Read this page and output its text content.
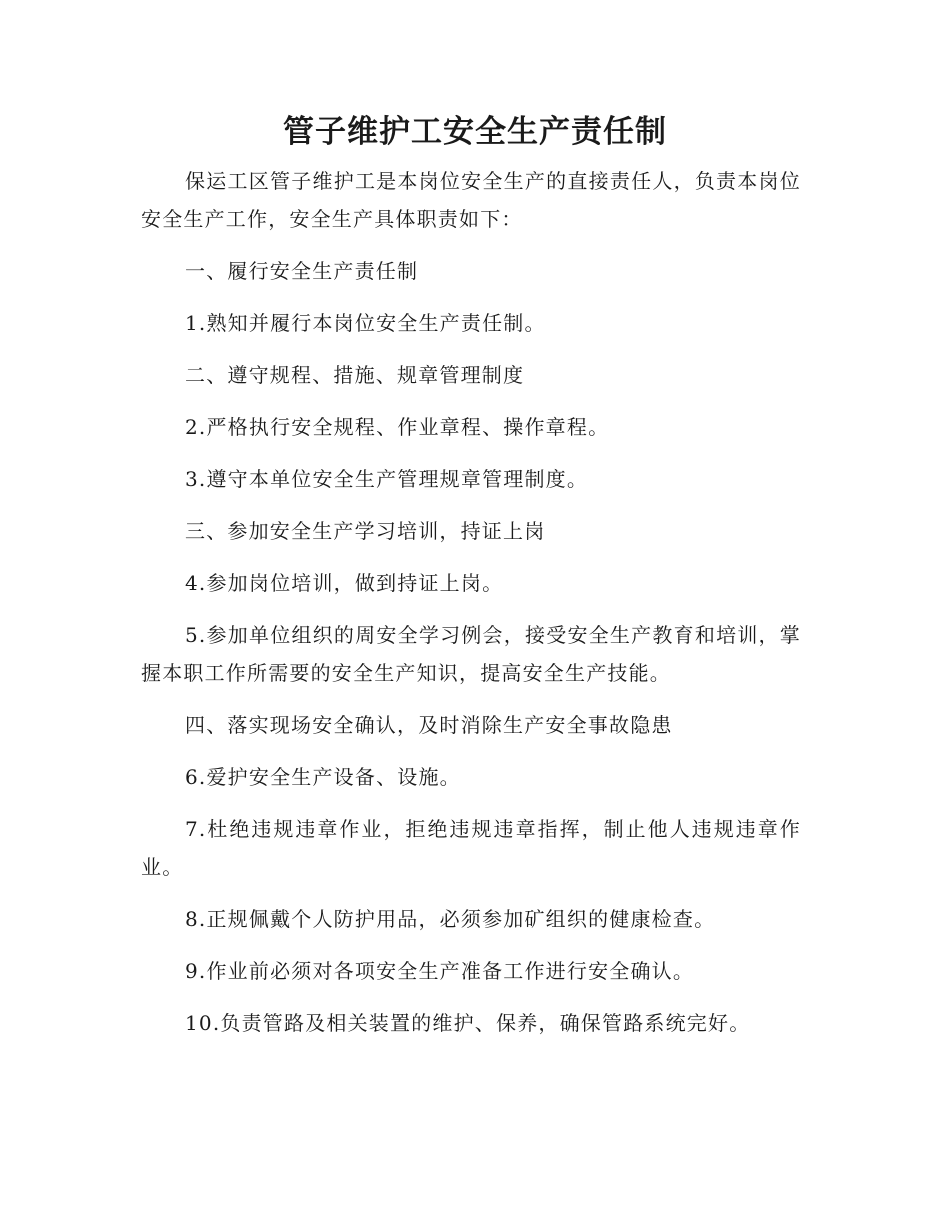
管子维护工安全生产责任制

保运工区管子维护工是本岗位安全生产的直接责任人，负责本岗位安全生产工作，安全生产具体职责如下：

一、履行安全生产责任制

1.熟知并履行本岗位安全生产责任制。

二、遵守规程、措施、规章管理制度

2.严格执行安全规程、作业章程、操作章程。

3.遵守本单位安全生产管理规章管理制度。

三、参加安全生产学习培训，持证上岗

4.参加岗位培训，做到持证上岗。

5.参加单位组织的周安全学习例会，接受安全生产教育和培训，掌握本职工作所需要的安全生产知识，提高安全生产技能。

四、落实现场安全确认，及时消除生产安全事故隐患

6.爱护安全生产设备、设施。

7.杜绝违规违章作业，拒绝违规违章指挥，制止他人违规违章作业。

8.正规佩戴个人防护用品，必须参加矿组织的健康检查。

9.作业前必须对各项安全生产准备工作进行安全确认。

10.负责管路及相关装置的维护、保养，确保管路系统完好。
